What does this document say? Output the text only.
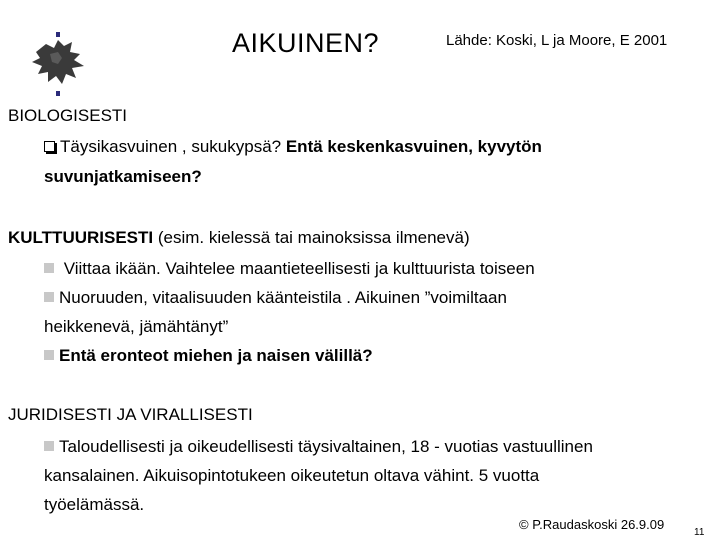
AIKUINEN?	Lähde: Koski, L ja Moore, E 2001
BIOLOGISESTI
Täysikasvuinen , sukukypsä? Entä keskenkasvuinen, kyvytön
suvunjatkamiseen?
KULTTUURISESTI (esim. kielessä tai mainoksissa ilmenevä)
Viittaa ikään. Vaihtelee maantieteellisesti ja kulttuurista toiseen
Nuoruuden, vitaalisuuden käänteistila . Aikuinen ”voimiltaan
heikkenevä, jämähtänyt”
Entä eronteot miehen ja naisen välillä?
JURIDISESTI JA VIRALLISESTI
Taloudellisesti ja oikeudellisesti täysivaltainen, 18 - vuotias vastuullinen
kansalainen. Aikuisopintotukeen oikeutetun oltava vähint. 5 vuotta
työelämässä.
© P.Raudaskoski 26.9.09
11
